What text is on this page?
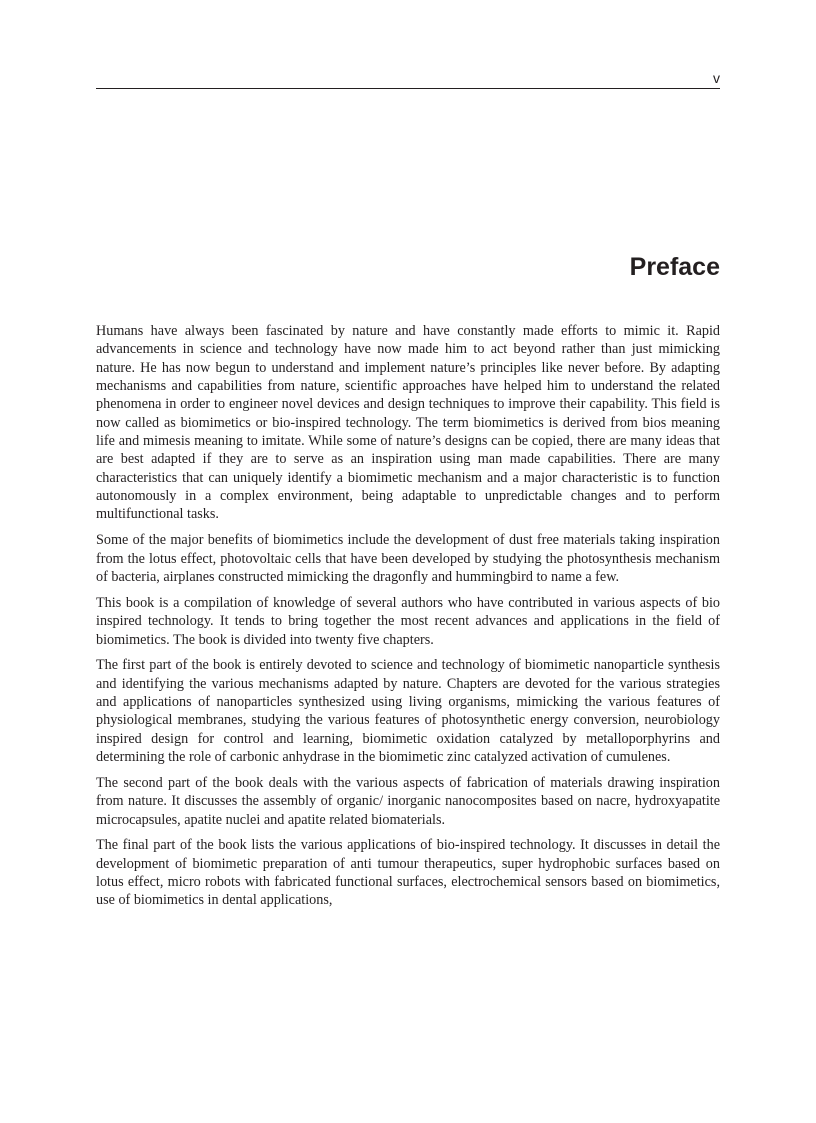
v
Preface

Humans have always been fascinated by nature and have constantly made efforts to mimic it. Rapid advancements in science and technology have now made him to act beyond rather than just mimicking nature. He has now begun to understand and implement nature’s principles like never before. By adapting mechanisms and capabilities from nature, scientific approaches have helped him to understand the related phenomena in order to engineer novel devices and design techniques to improve their capability. This field is now called as biomimetics or bio-inspired technology. The term biomimetics is derived from bios meaning life and mimesis meaning to imitate. While some of nature’s designs can be copied, there are many ideas that are best adapted if they are to serve as an inspiration using man made capabilities. There are many characteristics that can uniquely identify a biomimetic mechanism and a major characteristic is to function autonomously in a complex environment, being adaptable to unpredictable changes and to perform multifunctional tasks.

Some of the major benefits of biomimetics include the development of dust free materials taking inspiration from the lotus effect, photovoltaic cells that have been developed by studying the photosynthesis mechanism of bacteria, airplanes constructed mimicking the dragonfly and hummingbird to name a few.

This book is a compilation of knowledge of several authors who have contributed in various aspects of bio inspired technology. It tends to bring together the most recent advances and applications in the field of biomimetics. The book is divided into twenty five chapters.

The first part of the book is entirely devoted to science and technology of biomimetic nanoparticle synthesis and identifying the various mechanisms adapted by nature. Chapters are devoted for the various strategies and applications of nanoparticles synthesized using living organisms, mimicking the various features of physiological membranes, studying the various features of photosynthetic energy conversion, neurobiology inspired design for control and learning, biomimetic oxidation catalyzed by metalloporphyrins and determining the role of carbonic anhydrase in the biomimetic zinc catalyzed activation of cumulenes.

The second part of the book deals with the various aspects of fabrication of materials drawing inspiration from nature. It discusses the assembly of organic/ inorganic nanocomposites based on nacre, hydroxyapatite microcapsules, apatite nuclei and apatite related biomaterials.

The final part of the book lists the various applications of bio-inspired technology. It discusses in detail the development of biomimetic preparation of anti tumour therapeutics, super hydrophobic surfaces based on lotus effect, micro robots with fabricated functional surfaces, electrochemical sensors based on biomimetics, use of biomimetics in dental applications,
